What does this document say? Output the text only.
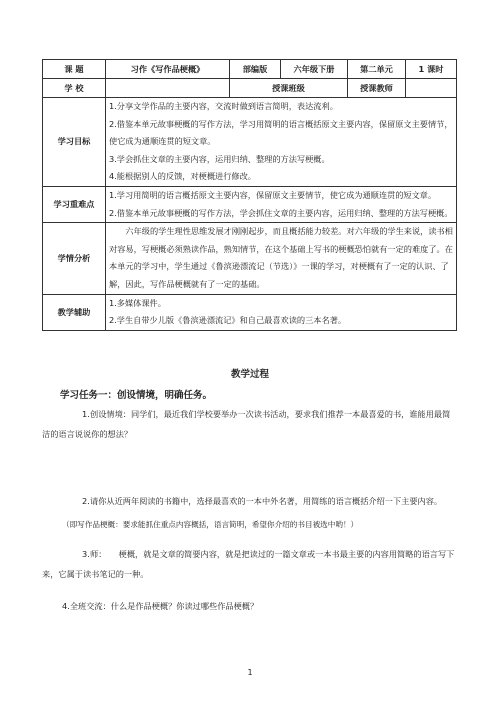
课 题	习作《写作品梗概》	部编版	六年级下册	第二单元	1 课时
学 校		授课班级		授课教师	
学习目标	1.分享文学作品的主要内容，交流时做到语言简明，表达流利。

2.借鉴本单元故事梗概的写作方法，学习用简明的语言概括原文主要内容，保留原文主要情节，使它成为通顺连贯的短文章。

3.学会抓住文章的主要内容，运用归纳、整理的方法写梗概。

4.能根据别人的反馈，对梗概进行修改。				

学习重难点	1.学习用简明的语言概括原文主要内容，保留原文主要情节，使它成为通顺连贯的短文章。

2.借鉴本单元故事梗概的写作方法，学会抓住文章的主要内容，运用归纳、整理的方法写梗概。				

学情分析	六年级的学生理性思维发展才刚刚起步，而且概括能力较差。对六年级的学生来说，读书相对容易，写梗概必须熟读作品，熟知情节，在这个基础上写书的梗概恐怕就有一定的难度了。在本单元的学习中，学生通过《鲁滨逊漂流记（节选）》一课的学习，对梗概有了一定的认识、了解，因此，写作品梗概就有了一定的基础。				

教学辅助	1.多媒体课件。

2.学生自带少儿版《鲁滨逊漂流记》和自己最喜欢读的三本名著。				

教学过程
学习任务一：创设情境，明确任务。

1.创设情境：同学们，最近我们学校要举办一次读书活动，要求我们推荐一本最喜爱的书，谁能用最简洁的语言说说你的想法？

2.请你从近两年阅读的书籍中，选择最喜欢的一本中外名著，用简练的语言概括介绍一下主要内容。

（即写作品梗概：要求能抓住重点内容概括，语言简明，希望你介绍的书目被选中哟！）

3.师：　　梗概，就是文章的简要内容，就是把读过的一篇文章或一本书最主要的内容用简略的语言写下来，它属于读书笔记的一种。

4.全班交流：什么是作品梗概？你读过哪些作品梗概？

1
